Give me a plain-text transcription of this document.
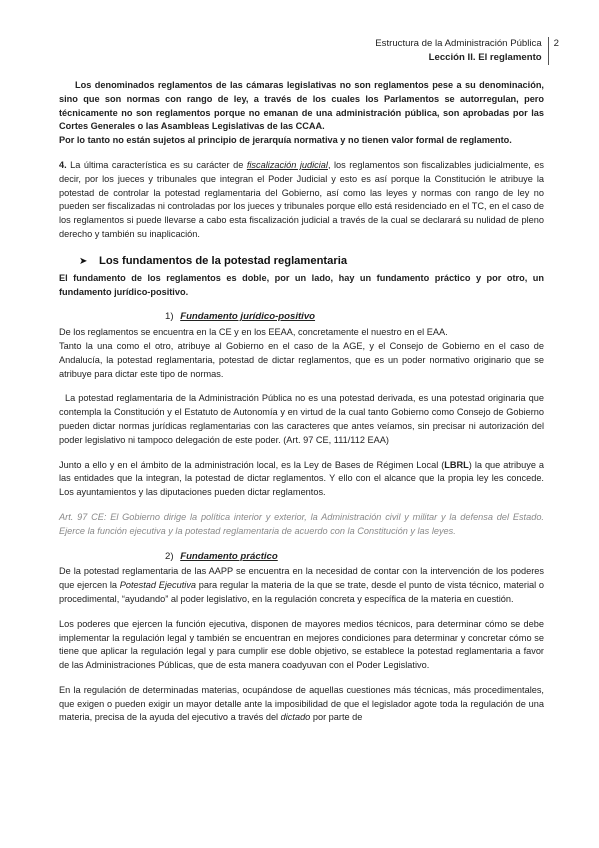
Estructura de la Administración Pública
Lección II. El reglamento
2

Los denominados reglamentos de las cámaras legislativas no son reglamentos pese a su denominación, sino que son normas con rango de ley, a través de los cuales los Parlamentos se autorregulan, pero técnicamente no son reglamentos porque no emanan de una administración pública, son aprobadas por las Cortes Generales o las Asambleas Legislativas de las CCAA.
Por lo tanto no están sujetos al principio de jerarquía normativa y no tienen valor formal de reglamento.

4. La última característica es su carácter de fiscalización judicial, los reglamentos son fiscalizables judicialmente, es decir, por los jueces y tribunales que integran el Poder Judicial y esto es así porque la Constitución le atribuye la potestad de controlar la potestad reglamentaria del Gobierno, así como las leyes y normas con rango de ley no pueden ser fiscalizadas ni controladas por los jueces y tribunales porque ello está residenciado en el TC, en el caso de los reglamentos si puede llevarse a cabo esta fiscalización judicial a través de la cual se declarará su nulidad de pleno derecho y también su inaplicación.

➤ Los fundamentos de la potestad reglamentaria

El fundamento de los reglamentos es doble, por un lado, hay un fundamento práctico y por otro, un fundamento jurídico-positivo.

1) Fundamento jurídico-positivo

De los reglamentos se encuentra en la CE y en los EEAA, concretamente el nuestro en el EAA.
Tanto la una como el otro, atribuye al Gobierno en el caso de la AGE, y el Consejo de Gobierno en el caso de Andalucía, la potestad reglamentaria, potestad de dictar reglamentos, que es un poder normativo originario que se atribuye para dictar este tipo de normas.

La potestad reglamentaria de la Administración Pública no es una potestad derivada, es una potestad originaria que contempla la Constitución y el Estatuto de Autonomía y en virtud de la cual tanto Gobierno como Consejo de Gobierno pueden dictar normas jurídicas reglamentarias con las caracteres que antes veíamos, sin precisar ni autorización del poder legislativo ni tampoco delegación de este poder. (Art. 97 CE, 111/112 EAA)

Junto a ello y en el ámbito de la administración local, es la Ley de Bases de Régimen Local (LBRL) la que atribuye a las entidades que la integran, la potestad de dictar reglamentos. Y ello con el alcance que la propia ley les concede. Los ayuntamientos y las diputaciones pueden dictar reglamentos.

Art. 97 CE: El Gobierno dirige la política interior y exterior, la Administración civil y militar y la defensa del Estado. Ejerce la función ejecutiva y la potestad reglamentaria de acuerdo con la Constitución y las leyes.

2) Fundamento práctico

De la potestad reglamentaria de las AAPP se encuentra en la necesidad de contar con la intervención de los poderes que ejercen la Potestad Ejecutiva para regular la materia de la que se trate, desde el punto de vista técnico, material o procedimental, “ayudando” al poder legislativo, en la regulación concreta y específica de la materia en cuestión.

Los poderes que ejercen la función ejecutiva, disponen de mayores medios técnicos, para determinar cómo se debe implementar la regulación legal y también se encuentran en mejores condiciones para determinar y concretar cómo se tiene que aplicar la regulación legal y para cumplir ese doble objetivo, se establece la potestad reglamentaria a favor de las Administraciones Públicas, que de esta manera coadyuvan con el Poder Legislativo.

En la regulación de determinadas materias, ocupándose de aquellas cuestiones más técnicas, más procedimentales, que exigen o pueden exigir un mayor detalle ante la imposibilidad de que el legislador agote toda la regulación de una materia, precisa de la ayuda del ejecutivo a través del dictado por parte de
